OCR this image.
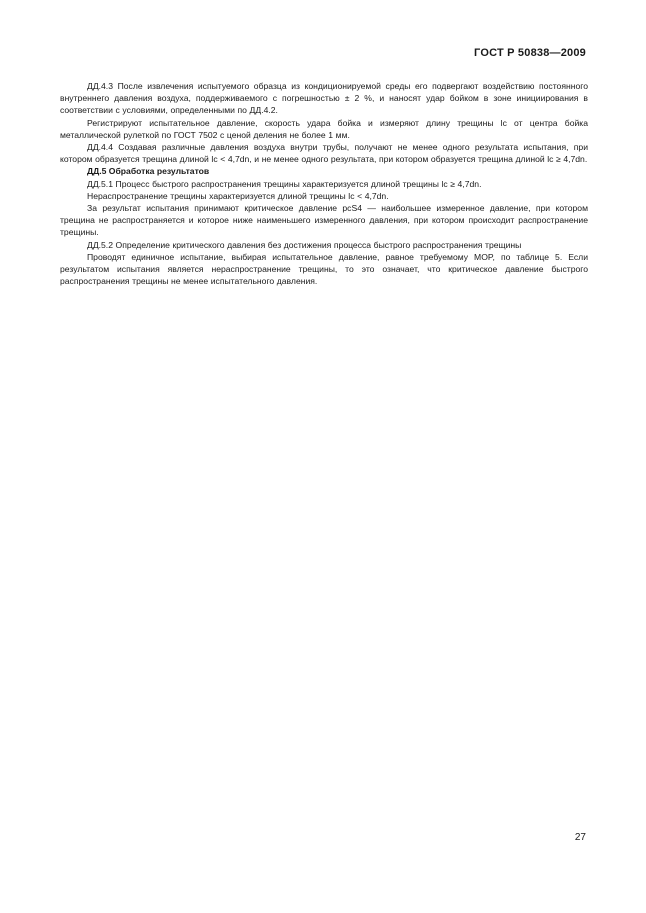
ГОСТ Р 50838—2009

ДД.4.3 После извлечения испытуемого образца из кондиционируемой среды его подвергают воздействию постоянного внутреннего давления воздуха, поддерживаемого с погрешностью ± 2 %, и наносят удар бойком в зоне инициирования в соответствии с условиями, определенными по ДД.4.2.

Регистрируют испытательное давление, скорость удара бойка и измеряют длину трещины lс от центра бойка металлической рулеткой по ГОСТ 7502 с ценой деления не более 1 мм.

ДД.4.4 Создавая различные давления воздуха внутри трубы, получают не менее одного результата испытания, при котором образуется трещина длиной lс < 4,7dn, и не менее одного результата, при котором образуется трещина длиной lс ≥ 4,7dn.

ДД.5 Обработка результатов

ДД.5.1 Процесс быстрого распространения трещины характеризуется длиной трещины lс ≥ 4,7dn.

Нераспространение трещины характеризуется длиной трещины lс < 4,7dn.

За результат испытания принимают критическое давление pсS4 — наибольшее измеренное давление, при котором трещина не распространяется и которое ниже наименьшего измеренного давления, при котором происходит распространение трещины.

ДД.5.2 Определение критического давления без достижения процесса быстрого распространения трещины

Проводят единичное испытание, выбирая испытательное давление, равное требуемому MOP, по таблице 5. Если результатом испытания является нераспространение трещины, то это означает, что критическое давление быстрого распространения трещины не менее испытательного давления.

27
